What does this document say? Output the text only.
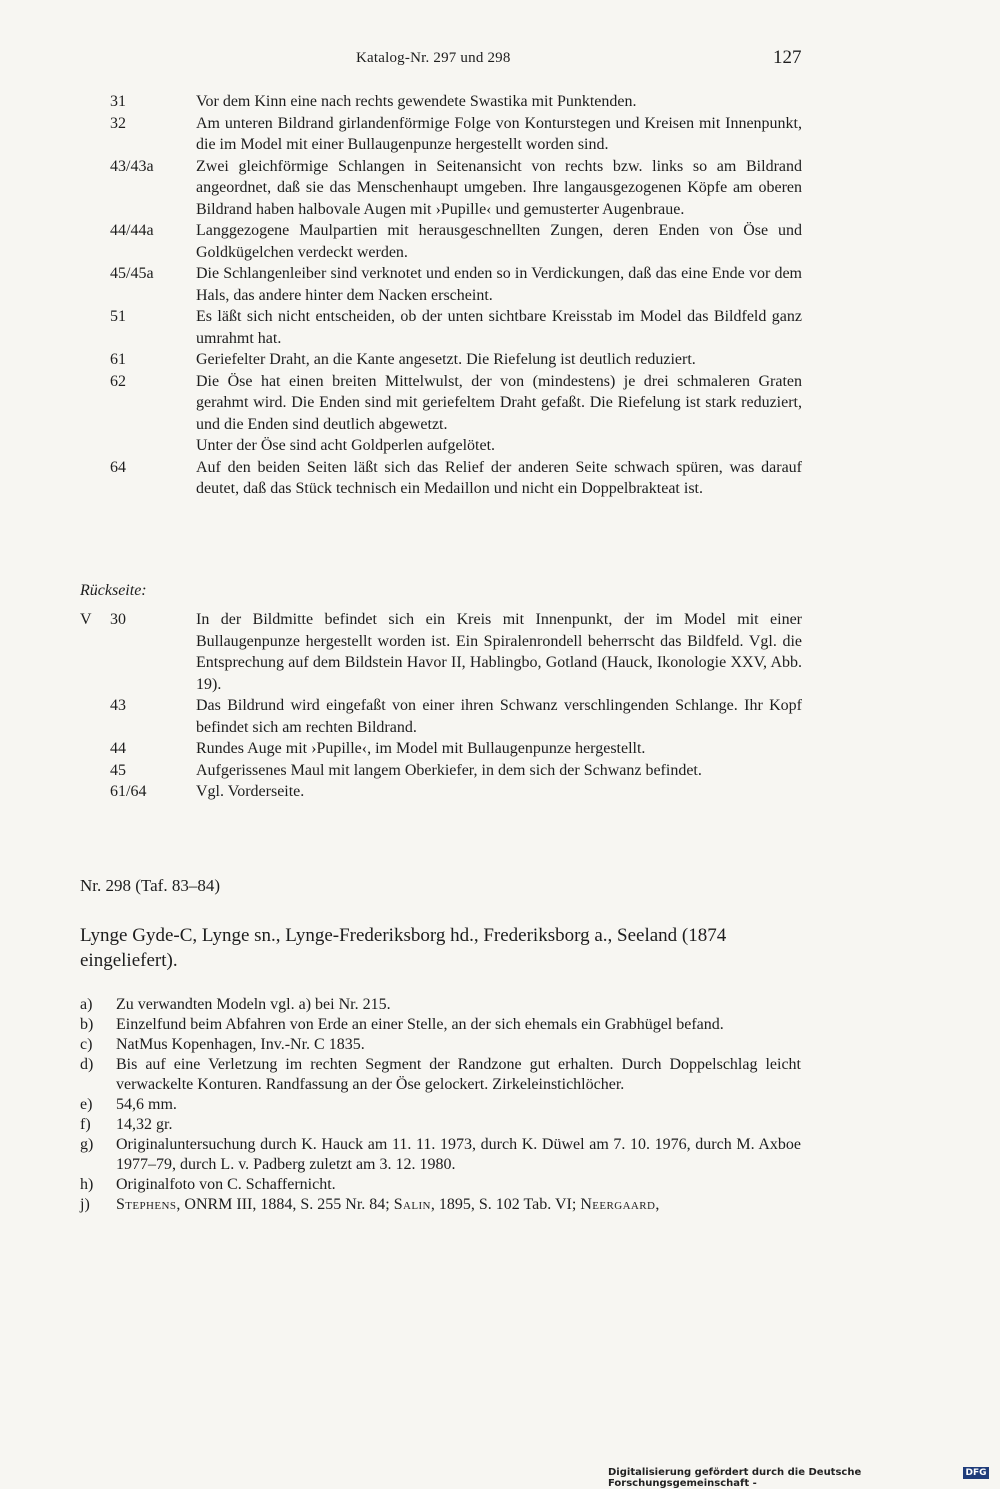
Katalog-Nr. 297 und 298	127
31	Vor dem Kinn eine nach rechts gewendete Swastika mit Punktenden.
32	Am unteren Bildrand girlandenförmige Folge von Konturstegen und Kreisen mit Innenpunkt, die im Model mit einer Bullaugenpunze hergestellt worden sind.
43/43a	Zwei gleichförmige Schlangen in Seitenansicht von rechts bzw. links so am Bildrand angeordnet, daß sie das Menschenhaupt umgeben. Ihre langausgezogenen Köpfe am oberen Bildrand haben halbovale Augen mit ›Pupille‹ und gemusterter Augenbraue.
44/44a	Langgezogene Maulpartien mit herausgeschnellten Zungen, deren Enden von Öse und Goldkügelchen verdeckt werden.
45/45a	Die Schlangenleiber sind verknotet und enden so in Verdickungen, daß das eine Ende vor dem Hals, das andere hinter dem Nacken erscheint.
51	Es läßt sich nicht entscheiden, ob der unten sichtbare Kreisstab im Model das Bildfeld ganz umrahmt hat.
61	Geriefelter Draht, an die Kante angesetzt. Die Riefelung ist deutlich reduziert.
62	Die Öse hat einen breiten Mittelwulst, der von (mindestens) je drei schmaleren Graten gerahmt wird. Die Enden sind mit geriefeltem Draht gefaßt. Die Riefelung ist stark reduziert, und die Enden sind deutlich abgewetzt.
Unter der Öse sind acht Goldperlen aufgelötet.
64	Auf den beiden Seiten läßt sich das Relief der anderen Seite schwach spüren, was darauf deutet, daß das Stück technisch ein Medaillon und nicht ein Doppelbrakteat ist.
Rückseite:
V	30	In der Bildmitte befindet sich ein Kreis mit Innenpunkt, der im Model mit einer Bullaugenpunze hergestellt worden ist. Ein Spiralenrondell beherrscht das Bildfeld. Vgl. die Entsprechung auf dem Bildstein Havor II, Hablingbo, Gotland (Hauck, Ikonologie XXV, Abb. 19).
43	Das Bildrund wird eingefaßt von einer ihren Schwanz verschlingenden Schlange. Ihr Kopf befindet sich am rechten Bildrand.
44	Rundes Auge mit ›Pupille‹, im Model mit Bullaugenpunze hergestellt.
45	Aufgerissenes Maul mit langem Oberkiefer, in dem sich der Schwanz befindet.
61/64	Vgl. Vorderseite.
Nr. 298 (Taf. 83–84)
Lynge Gyde-C, Lynge sn., Lynge-Frederiksborg hd., Frederiksborg a., Seeland (1874 eingeliefert).
a)	Zu verwandten Modeln vgl. a) bei Nr. 215.
b)	Einzelfund beim Abfahren von Erde an einer Stelle, an der sich ehemals ein Grabhügel befand.
c)	NatMus Kopenhagen, Inv.-Nr. C 1835.
d)	Bis auf eine Verletzung im rechten Segment der Randzone gut erhalten. Durch Doppelschlag leicht verwackelte Konturen. Randfassung an der Öse gelockert. Zirkeleinstichlöcher.
e)	54,6 mm.
f)	14,32 gr.
g)	Originaluntersuchung durch K. Hauck am 11. 11. 1973, durch K. Düwel am 7. 10. 1976, durch M. Axboe 1977–79, durch L. v. Padberg zuletzt am 3. 12. 1980.
h)	Originalfoto von C. Schaffernicht.
j)	Stephens, ONRM III, 1884, S. 255 Nr. 84; Salin, 1895, S. 102 Tab. VI; Neergaard,
Digitalisierung gefördert durch die Deutsche Forschungsgemeinschaft -
DFG
